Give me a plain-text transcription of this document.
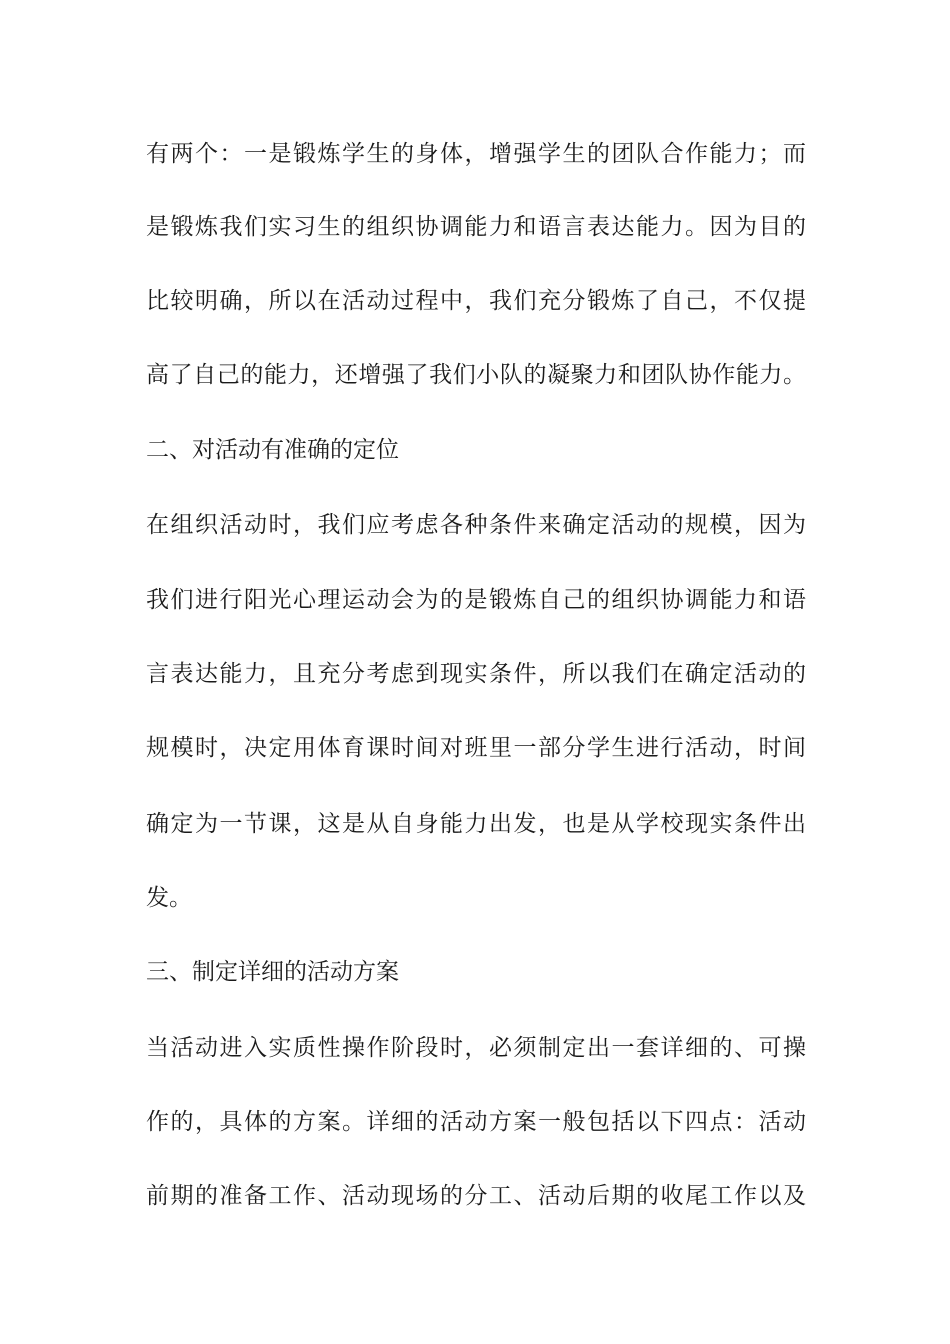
有两个：一是锻炼学生的身体，增强学生的团队合作能力；而
是锻炼我们实习生的组织协调能力和语言表达能力。因为目的
比较明确，所以在活动过程中，我们充分锻炼了自己，不仅提
高了自己的能力，还增强了我们小队的凝聚力和团队协作能力。
二、对活动有准确的定位
在组织活动时，我们应考虑各种条件来确定活动的规模，因为
我们进行阳光心理运动会为的是锻炼自己的组织协调能力和语
言表达能力，且充分考虑到现实条件，所以我们在确定活动的
规模时，决定用体育课时间对班里一部分学生进行活动，时间
确定为一节课，这是从自身能力出发，也是从学校现实条件出
发。
三、制定详细的活动方案
当活动进入实质性操作阶段时，必须制定出一套详细的、可操
作的，具体的方案。详细的活动方案一般包括以下四点：活动
前期的准备工作、活动现场的分工、活动后期的收尾工作以及
